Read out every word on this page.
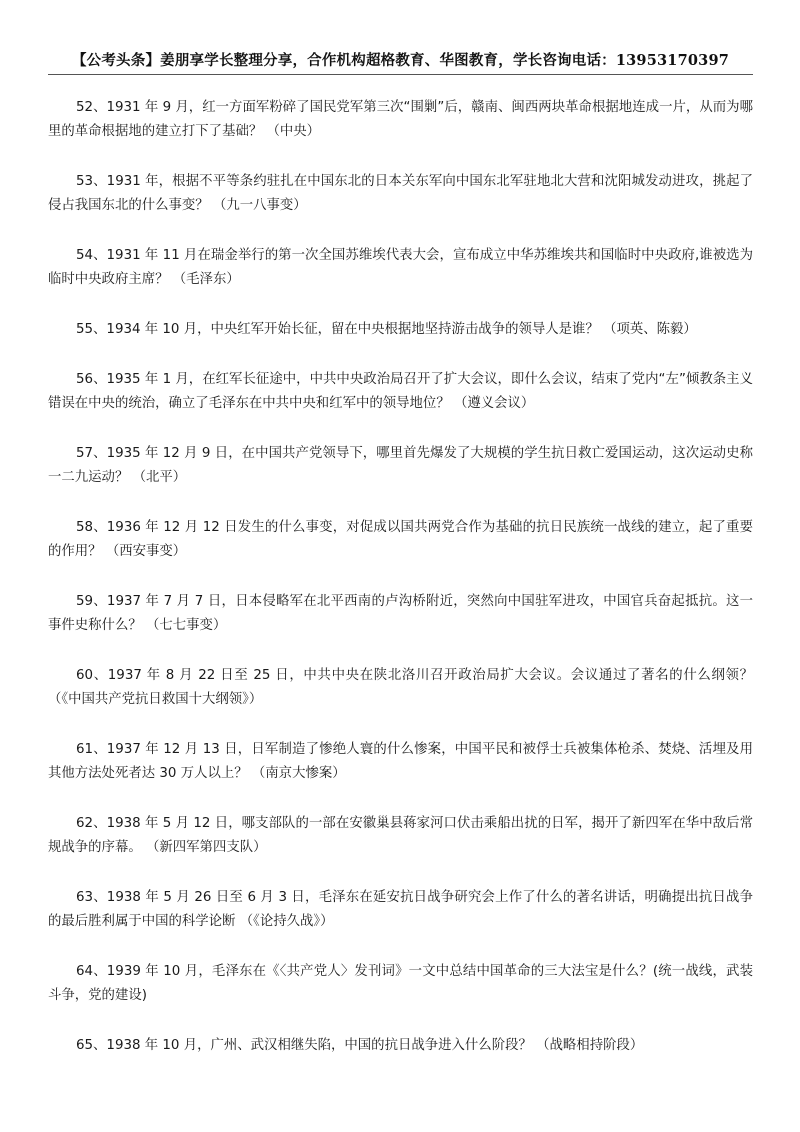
【公考头条】姜朋享学长整理分享，合作机构超格教育、华图教育，学长咨询电话：13953170397

52、1931 年 9 月，红一方面军粉碎了国民党军第三次“围剿”后，赣南、闽西两块革命根据地连成一片，从而为哪里的革命根据地的建立打下了基础？ （中央）

53、1931 年，根据不平等条约驻扎在中国东北的日本关东军向中国东北军驻地北大营和沈阳城发动进攻，挑起了侵占我国东北的什么事变？ （九一八事变）

54、1931 年 11 月在瑞金举行的第一次全国苏维埃代表大会，宣布成立中华苏维埃共和国临时中央政府,谁被选为临时中央政府主席？ （毛泽东）

55、1934 年 10 月，中央红军开始长征，留在中央根据地坚持游击战争的领导人是谁？ （项英、陈毅）

56、1935 年 1 月，在红军长征途中，中共中央政治局召开了扩大会议，即什么会议，结束了党内“左”倾教条主义错误在中央的统治，确立了毛泽东在中共中央和红军中的领导地位？ （遵义会议）

57、1935 年 12 月 9 日，在中国共产党领导下，哪里首先爆发了大规模的学生抗日救亡爱国运动，这次运动史称一二九运动？ （北平）

58、1936 年 12 月 12 日发生的什么事变，对促成以国共两党合作为基础的抗日民族统一战线的建立，起了重要的作用？ （西安事变）

59、1937 年 7 月 7 日，日本侵略军在北平西南的卢沟桥附近，突然向中国驻军进攻，中国官兵奋起抵抗。这一事件史称什么？ （七七事变）

60、1937 年 8 月 22 日至 25 日，中共中央在陕北洛川召开政治局扩大会议。会议通过了著名的什么纲领？ （《中国共产党抗日救国十大纲领》）

61、1937 年 12 月 13 日，日军制造了惨绝人寰的什么惨案，中国平民和被俘士兵被集体枪杀、焚烧、活埋及用其他方法处死者达 30 万人以上？ （南京大惨案）

62、1938 年 5 月 12 日，哪支部队的一部在安徽巢县蒋家河口伏击乘船出扰的日军，揭开了新四军在华中敌后常规战争的序幕。 （新四军第四支队）

63、1938 年 5 月 26 日至 6 月 3 日，毛泽东在延安抗日战争研究会上作了什么的著名讲话，明确提出抗日战争的最后胜利属于中国的科学论断 （《论持久战》）

64、1939 年 10 月，毛泽东在《〈共产党人〉发刊词》一文中总结中国革命的三大法宝是什么？(统一战线，武装斗争，党的建设)

65、1938 年 10 月，广州、武汉相继失陷，中国的抗日战争进入什么阶段？ （战略相持阶段）
